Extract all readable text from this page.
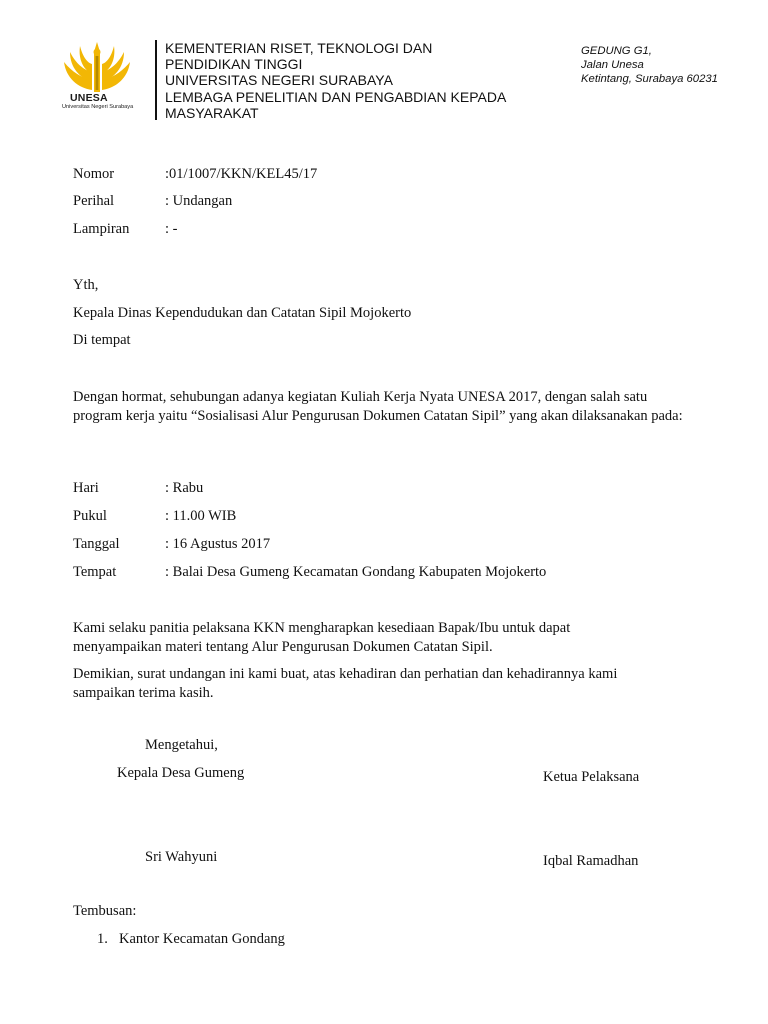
UNESA
Universitas Negeri Surabaya
KEMENTERIAN RISET, TEKNOLOGI DAN
PENDIDIKAN TINGGI
UNIVERSITAS NEGERI SURABAYA
LEMBAGA PENELITIAN DAN PENGABDIAN KEPADA
MASYARAKAT
GEDUNG G1,
Jalan Unesa
Ketintang, Surabaya 60231
Nomor	:01/1007/KKN/KEL45/17
Perihal	: Undangan
Lampiran : -
Yth,
Kepala Dinas Kependudukan dan Catatan Sipil Mojokerto
Di tempat
Dengan hormat, sehubungan adanya kegiatan Kuliah Kerja Nyata UNESA 2017, dengan salah satu program kerja yaitu “Sosialisasi Alur Pengurusan Dokumen Catatan Sipil” yang akan dilaksanakan pada:
Hari	: Rabu
Pukul	: 11.00 WIB
Tanggal	: 16 Agustus 2017
Tempat	: Balai Desa Gumeng Kecamatan Gondang Kabupaten Mojokerto
Kami selaku panitia pelaksana KKN mengharapkan kesediaan Bapak/Ibu untuk dapat menyampaikan materi tentang Alur Pengurusan Dokumen Catatan Sipil.
Demikian, surat undangan ini kami buat, atas kehadiran dan perhatian dan kehadirannya kami sampaikan terima kasih.
Mengetahui,
Kepala Desa Gumeng	Ketua Pelaksana
Sri Wahyuni	Iqbal Ramadhan
Tembusan:
1. Kantor Kecamatan Gondang
